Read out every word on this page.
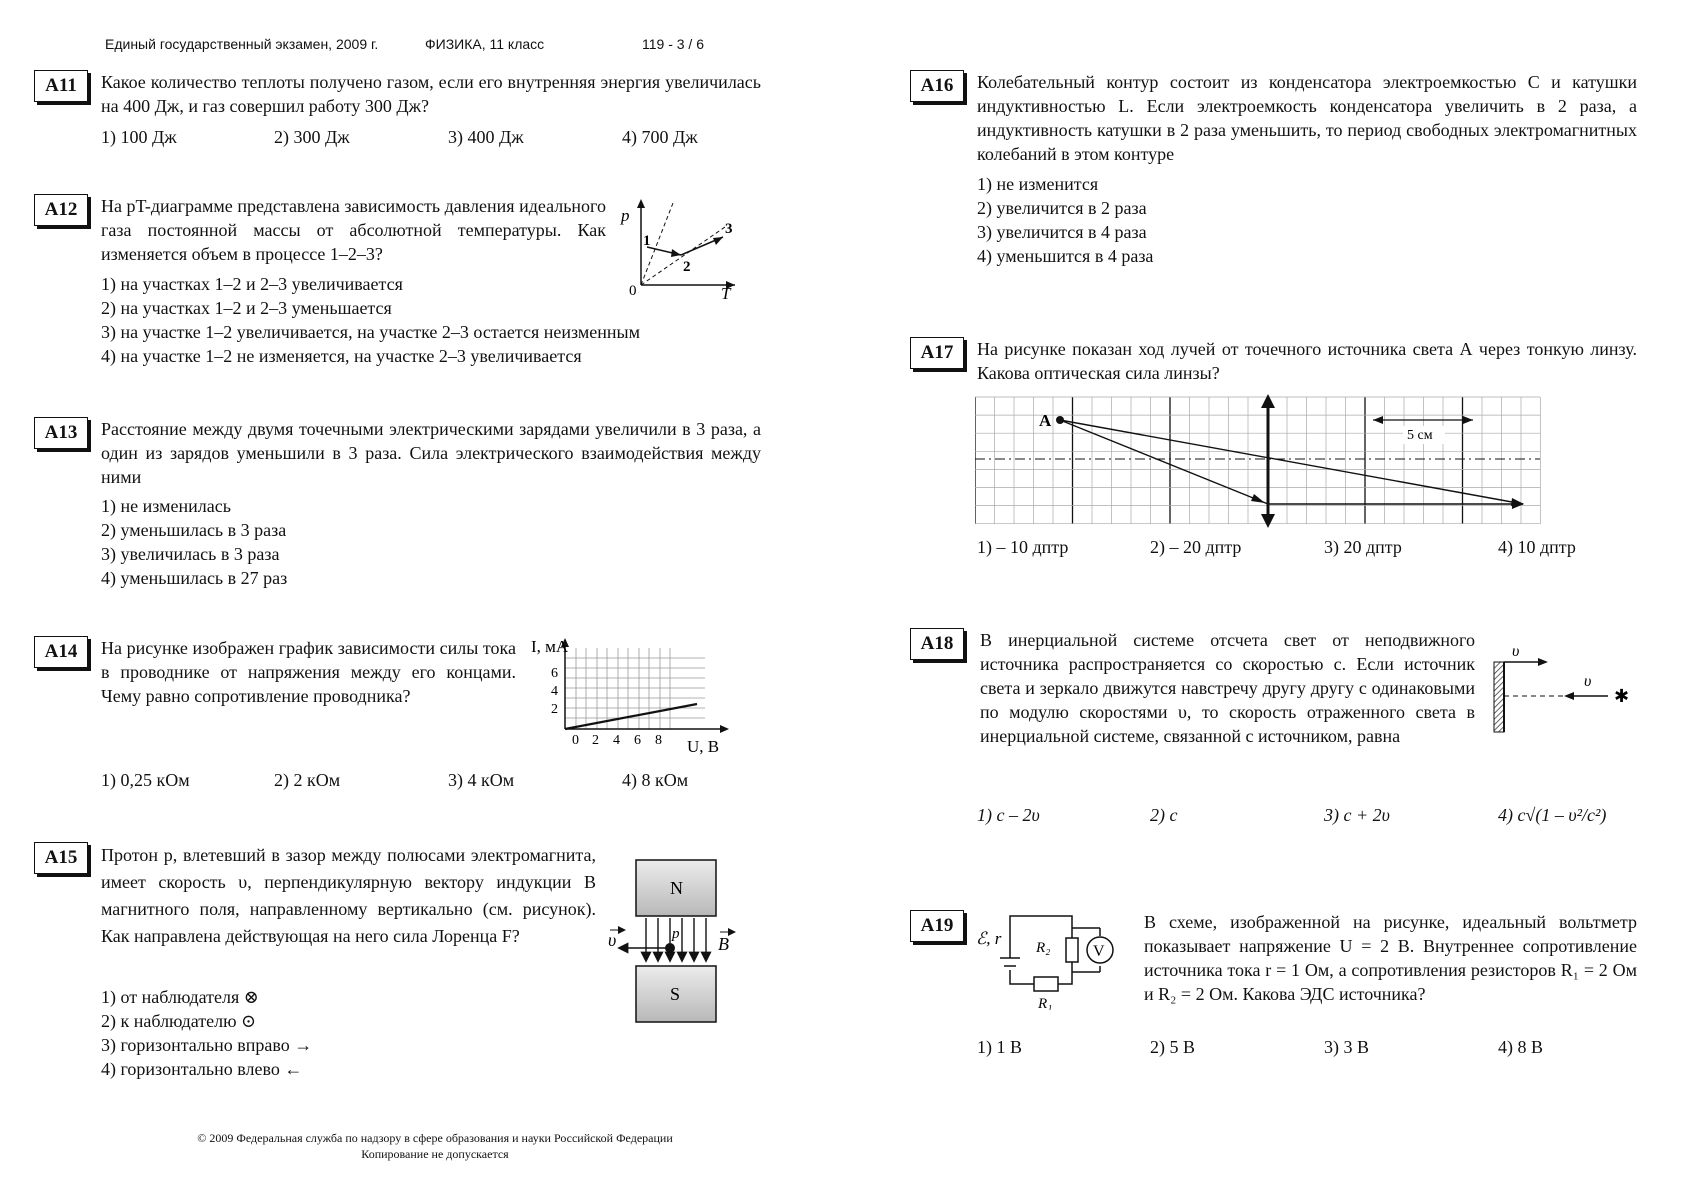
Единый государственный экзамен, 2009 г.	ФИЗИКА, 11 класс	119 - 3 / 6
А11	Какое количество теплоты получено газом, если его внутренняя энергия увеличилась на 400 Дж, и газ совершил работу 300 Дж?
1) 100 Дж	2) 300 Дж	3) 400 Дж	4) 700 Дж
А12	На pT-диаграмме представлена зависимость давления идеального газа постоянной массы от абсолютной температуры. Как изменяется объем в процессе 1–2–3?
p
T
0
1
2
3
1) на участках 1–2 и 2–3 увеличивается
2) на участках 1–2 и 2–3 уменьшается
3) на участке 1–2 увеличивается, на участке 2–3 остается неизменным
4) на участке 1–2 не изменяется, на участке 2–3 увеличивается
А13	Расстояние между двумя точечными электрическими зарядами увеличили в 3 раза, а один из зарядов уменьшили в 3 раза. Сила электрического взаимодействия между ними
1) не изменилась
2) уменьшилась в 3 раза
3) увеличилась в 3 раза
4) уменьшилась в 27 раз
А14	На рисунке изображен график зависимости силы тока в проводнике от напряжения между его концами. Чему равно сопротивление проводника?
I, мА
U, В
2
4
6
0 2 4 6 8
1) 0,25 кОм	2) 2 кОм	3) 4 кОм	4) 8 кОм
А15	Протон p, влетевший в зазор между полюсами электромагнита, имеет скорость υ, перпендикулярную вектору индукции B магнитного поля, направленному вертикально (см. рисунок). Как направлена действующая на него сила Лоренца F?
N
S
p
υ	B
1) от наблюдателя ⊗
2) к наблюдателю ⊙
3) горизонтально вправо →
4) горизонтально влево ←
А16	Колебательный контур состоит из конденсатора электроемкостью C и катушки индуктивностью L. Если электроемкость конденсатора увеличить в 2 раза, а индуктивность катушки в 2 раза уменьшить, то период свободных электромагнитных колебаний в этом контуре
1) не изменится
2) увеличится в 2 раза
3) увеличится в 4 раза
4) уменьшится в 4 раза
А17	На рисунке показан ход лучей от точечного источника света А через тонкую линзу. Какова оптическая сила линзы?
А
5 см
1) – 10 дптр	2) – 20 дптр	3) 20 дптр	4) 10 дптр
А18	В инерциальной системе отсчета свет от неподвижного источника распространяется со скоростью c. Если источник света и зеркало движутся навстречу другу другу с одинаковыми по модулю скоростями υ, то скорость отраженного света в инерциальной системе, связанной с источником, равна
υ
υ
✱
1) c – 2υ	2) c	3) c + 2υ	4) c√(1 – υ²/c²)
А19
V
ℰ, r R₂
R₁
В схеме, изображенной на рисунке, идеальный вольтметр показывает напряжение U = 2 В. Внутреннее сопротивление источника тока r = 1 Ом, а сопротивления резисторов R₁ = 2 Ом и R₂ = 2 Ом. Какова ЭДС источника?
1) 1 В	2) 5 В	3) 3 В	4) 8 В
© 2009 Федеральная служба по надзору в сфере образования и науки Российской Федерации
Копирование не допускается
